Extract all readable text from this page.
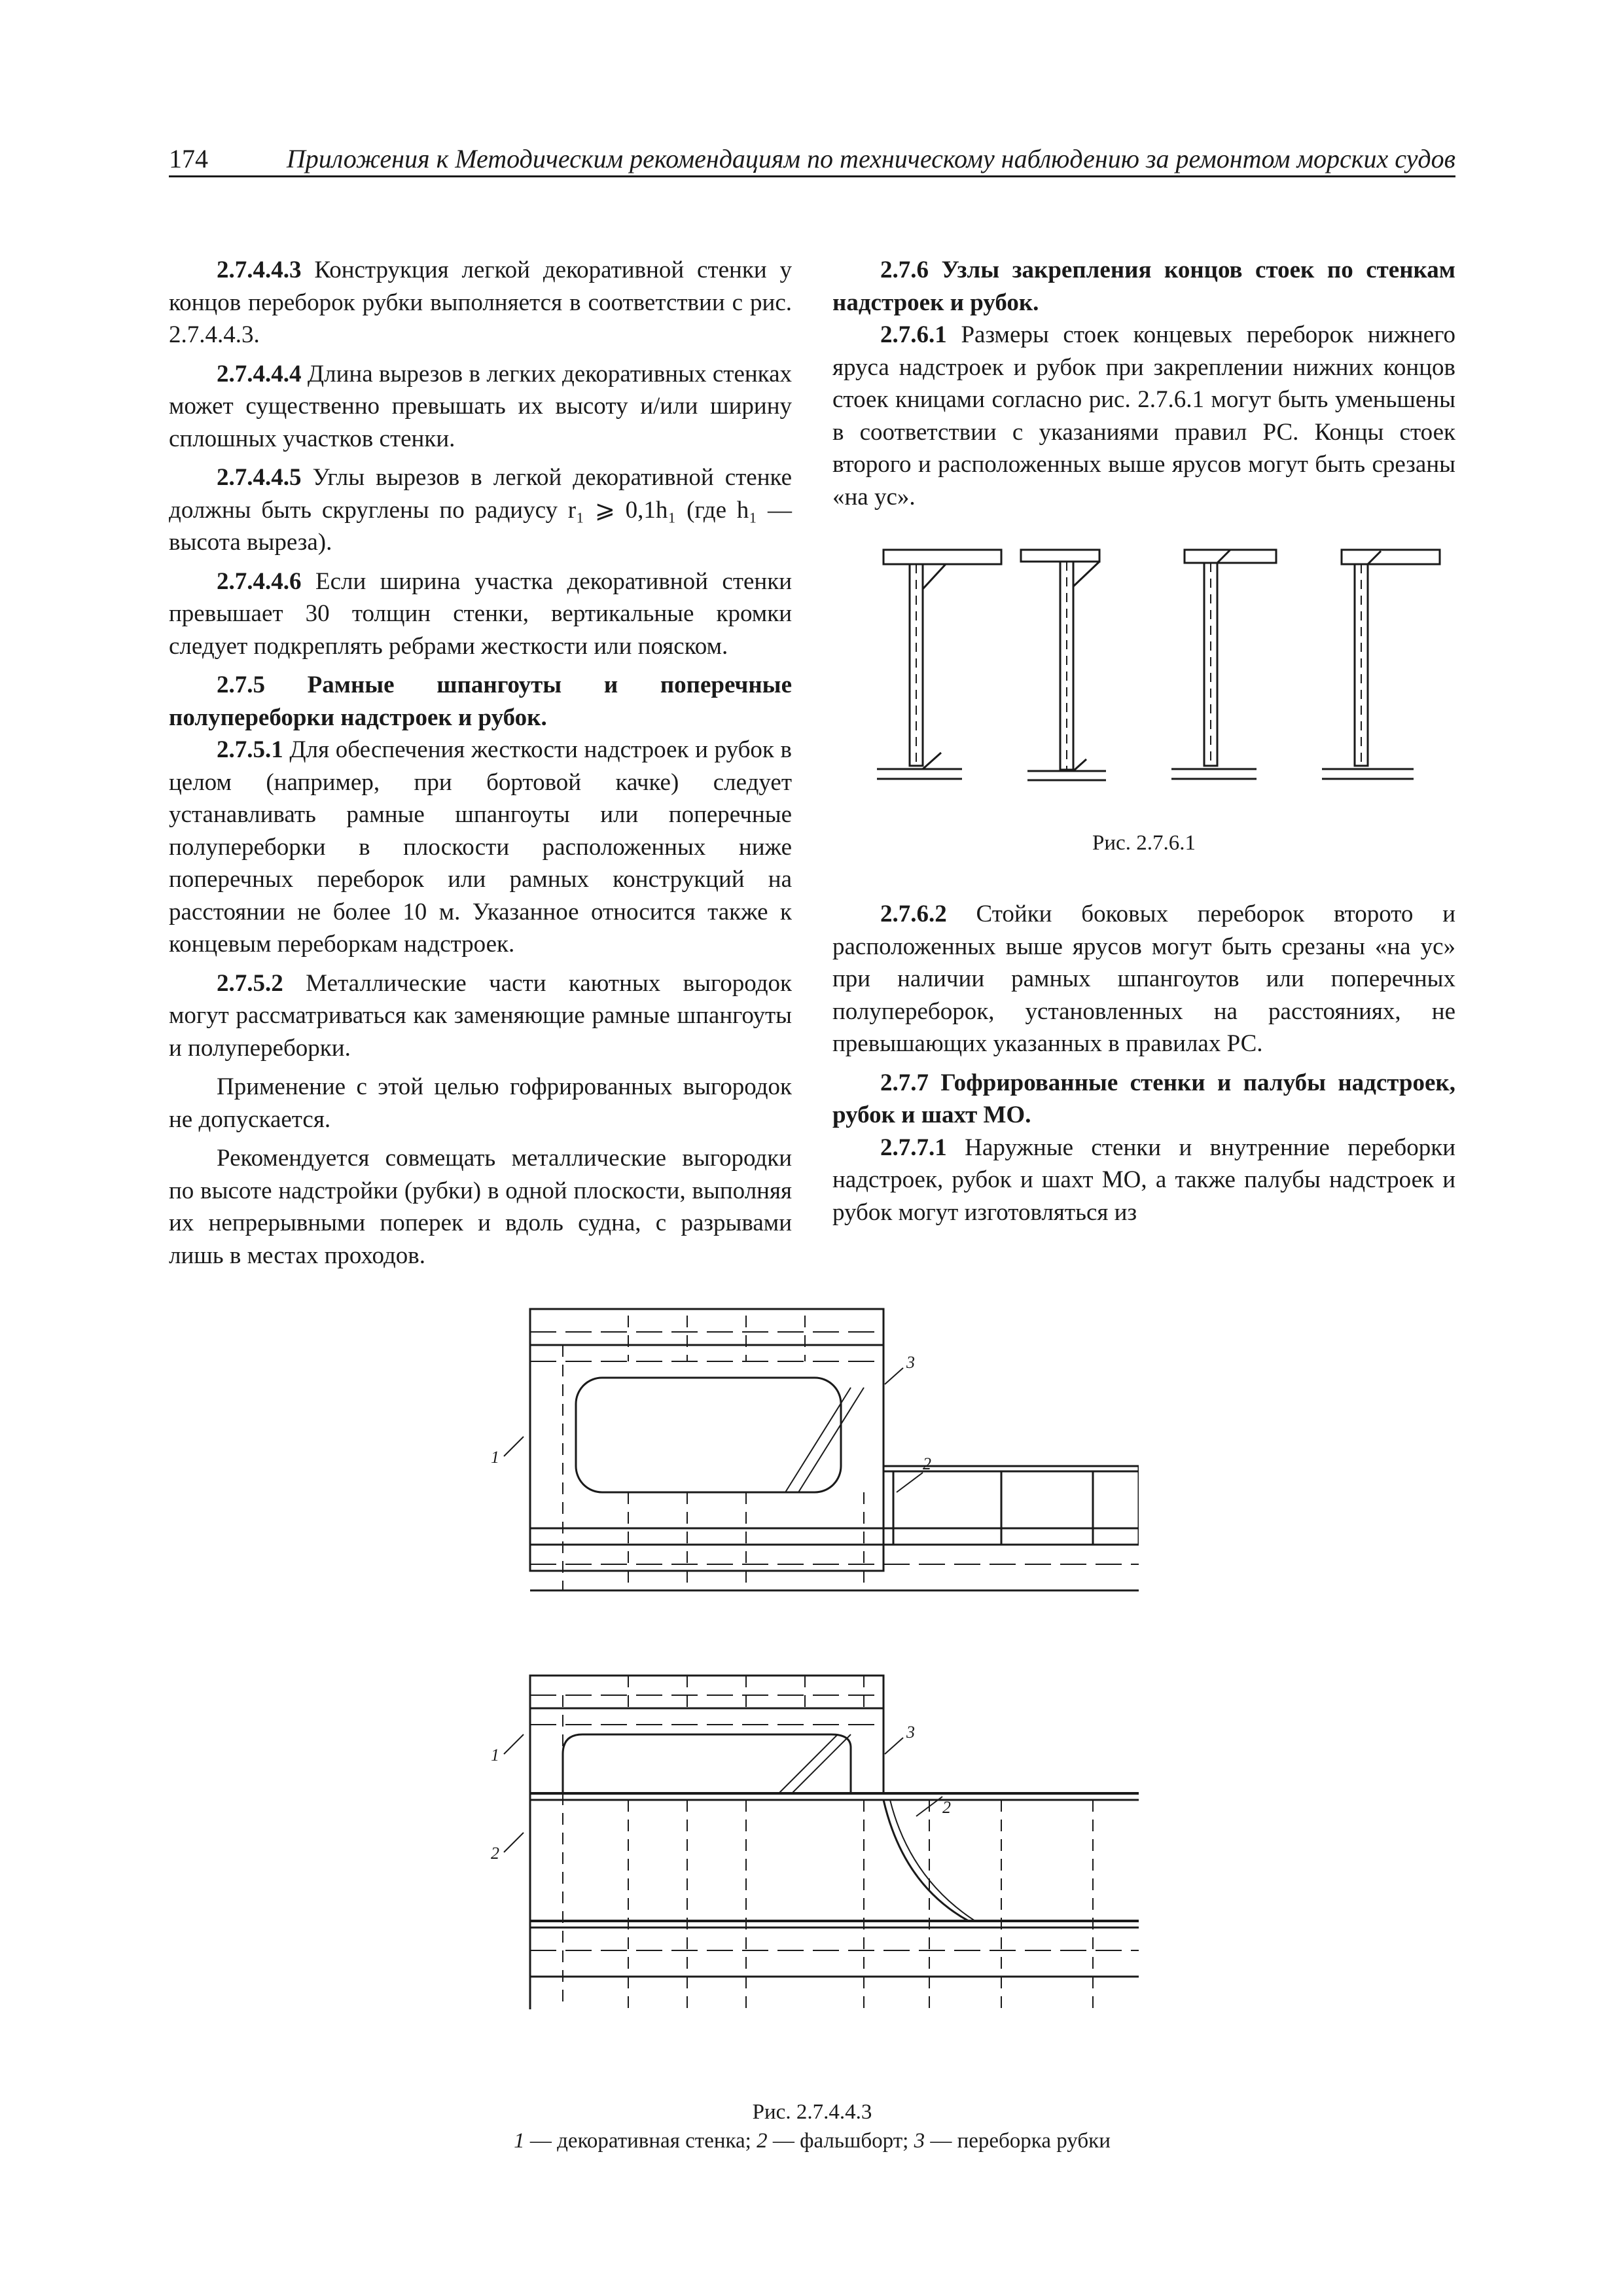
174	Приложения к Методическим рекомендациям по техническому наблюдению за ремонтом морских судов

2.7.4.4.3 Конструкция легкой декоративной стенки у концов переборок рубки выполняется в соответствии с рис. 2.7.4.4.3.

2.7.4.4.4 Длина вырезов в легких декоративных стенках может существенно превышать их высоту и/или ширину сплошных участков стенки.

2.7.4.4.5 Углы вырезов в легкой декоративной стенке должны быть скруглены по радиусу r₁ ⩾ 0,1h₁ (где h₁ — высота выреза).

2.7.4.4.6 Если ширина участка декоративной стенки превышает 30 толщин стенки, вертикальные кромки следует подкреплять ребрами жесткости или пояском.

2.7.5 Рамные шпангоуты и поперечные полупереборки надстроек и рубок.

2.7.5.1 Для обеспечения жесткости надстроек и рубок в целом (например, при бортовой качке) следует устанавливать рамные шпангоуты или поперечные полупереборки в плоскости расположенных ниже поперечных переборок или рамных конструкций на расстоянии не более 10 м. Указанное относится также к концевым переборкам надстроек.

2.7.5.2 Металлические части каютных выгородок могут рассматриваться как заменяющие рамные шпангоуты и полупереборки.

Применение с этой целью гофрированных выгородок не допускается.

Рекомендуется совмещать металлические выгородки по высоте надстройки (рубки) в одной плоскости, выполняя их непрерывными поперек и вдоль судна, с разрывами лишь в местах проходов.

2.7.6 Узлы закрепления концов стоек по стенкам надстроек и рубок.

2.7.6.1 Размеры стоек концевых переборок нижнего яруса надстроек и рубок при закреплении нижних концов стоек кницами согласно рис. 2.7.6.1 могут быть уменьшены в соответствии с указаниями правил РС. Концы стоек второго и расположенных выше ярусов могут быть срезаны «на ус».

Рис. 2.7.6.1

2.7.6.2 Стойки боковых переборок второто и расположенных выше ярусов могут быть срезаны «на ус» при наличии рамных шпангоутов или поперечных полупереборок, установленных на расстояниях, не превышающих указанных в правилах РС.

2.7.7 Гофрированные стенки и палубы надстроек, рубок и шахт МО.

2.7.7.1 Наружные стенки и внутренние переборки надстроек, рубок и шахт МО, а также палубы надстроек и рубок могут изготовляться из

1
3
2
1
2
3
2
Рис. 2.7.4.4.3
1 — декоративная стенка; 2 — фальшборт; 3 — переборка рубки
